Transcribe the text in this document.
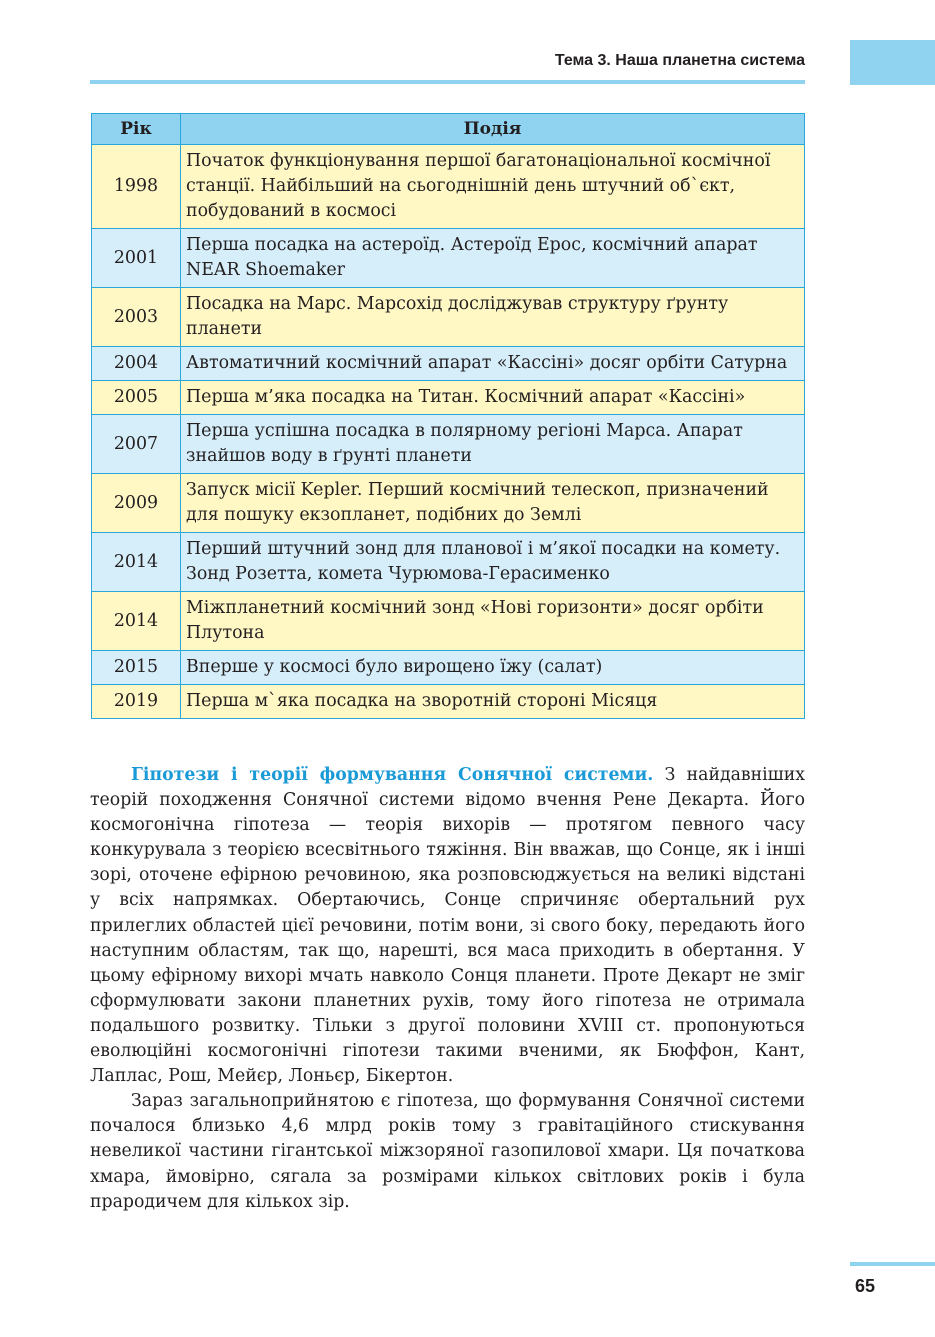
Тема 3. Наша планетна система
Рік	Подія
1998	Початок функціонування першої багатонаціональної космічної станції. Найбільший на сьогоднішній день штучний об`єкт, побудований в космосі
2001	Перша посадка на астероїд. Астероїд Ерос, космічний апарат NEAR Shoemaker
2003	Посадка на Марс. Марсохід досліджував структуру ґрунту планети
2004	Автоматичний космічний апарат «Кассіні» досяг орбіти Сатурна
2005	Перша м’яка посадка на Титан. Космічний апарат «Кассіні»
2007	Перша успішна посадка в полярному регіоні Марса. Апарат знайшов воду в ґрунті планети
2009	Запуск місії Kepler. Перший космічний телескоп, призначений для пошуку екзопланет, подібних до Землі
2014	Перший штучний зонд для планової і м’якої посадки на комету. Зонд Розетта, комета Чурюмова-Герасименко
2014	Міжпланетний космічний зонд «Нові горизонти» досяг орбіти Плутона
2015	Вперше у космосі було вирощено їжу (салат)
2019	Перша м`яка посадка на зворотній стороні Місяця

Гіпотези і теорії формування Сонячної системи. З найдавніших теорій походження Сонячної системи відомо вчення Рене Декарта. Його космогонічна гіпотеза — теорія вихорів — протягом певного часу конкурувала з теорією всесвітнього тяжіння. Він вважав, що Сонце, як і інші зорі, оточене ефірною речовиною, яка розповсюджується на великі відстані у всіх напрямках. Обертаючись, Сонце спричиняє обертальний рух прилеглих областей цієї речовини, потім вони, зі свого боку, передають його наступним областям, так що, нарешті, вся маса приходить в обертання. У цьому ефірному вихорі мчать навколо Сонця планети. Проте Декарт не зміг сформулювати закони планетних рухів, тому його гіпотеза не отримала подальшого розвитку. Тільки з другої половини XVIII ст. пропонуються еволюційні космогонічні гіпотези такими вченими, як Бюффон, Кант, Лаплас, Рош, Мейєр, Лоньєр, Бікертон.

Зараз загальноприйнятою є гіпотеза, що формування Сонячної системи почалося близько 4,6 млрд років тому з гравітаційного стискування невеликої частини гігантської міжзоряної газопилової хмари. Ця початкова хмара, ймовірно, сягала за розмірами кількох світлових років і була прародичем для кількох зір.

65
